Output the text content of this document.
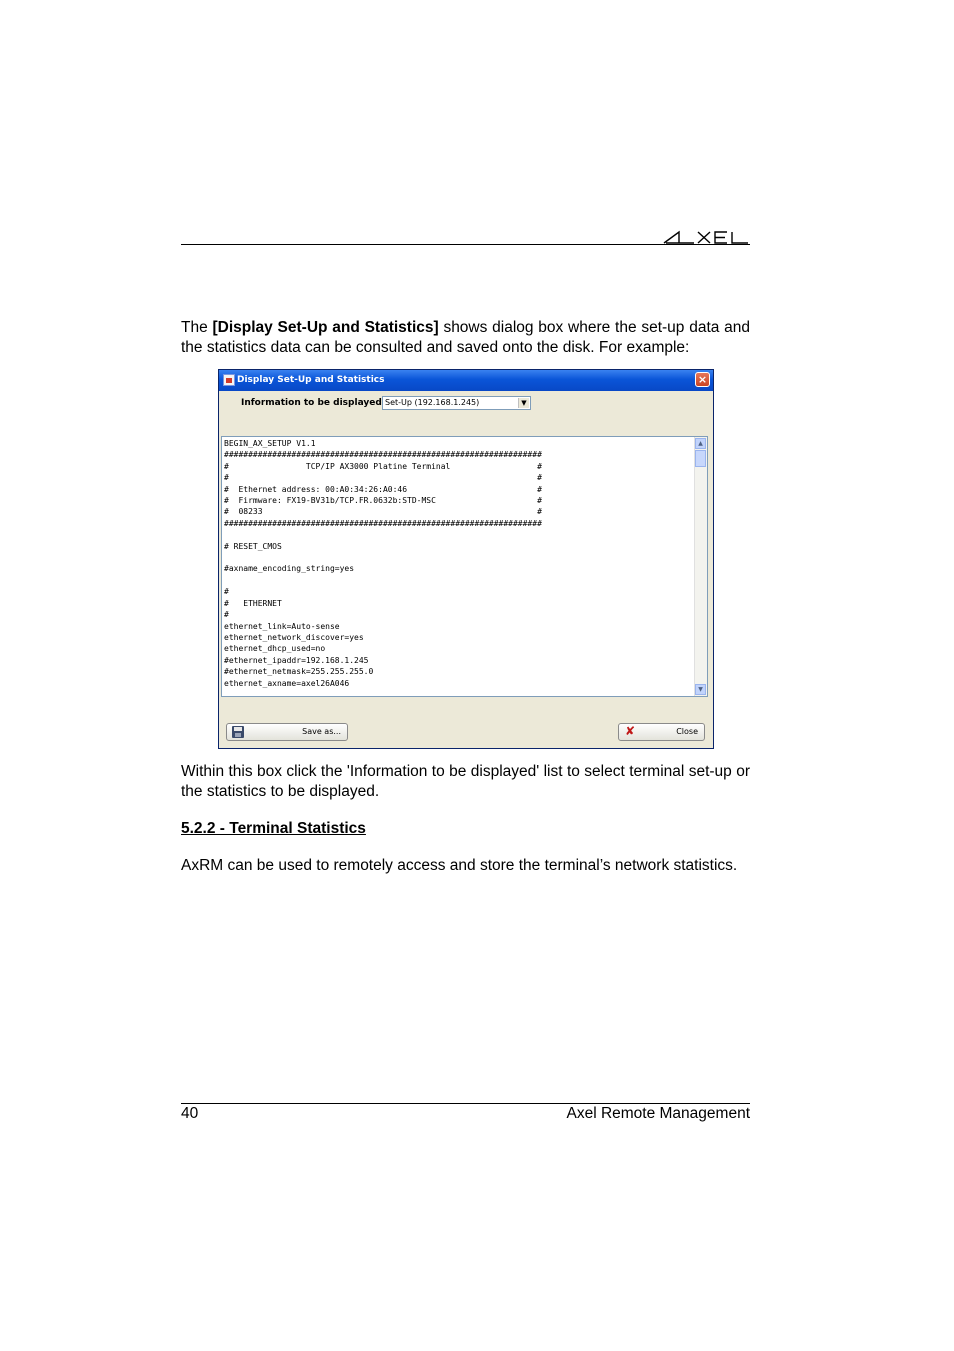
The [Display Set-Up and Statistics] shows dialog box where the set-up data and the statistics data can be consulted and saved onto the disk. For example:

Display Set-Up and Statistics	×
Information to be displayed Set-Up (192.168.1.245)	▼
BEGIN_AX_SETUP V1.1
##################################################################
#                TCP/IP AX3000 Platine Terminal                  #
#                                                                #
#  Ethernet address: 00:A0:34:26:A0:46                           #
#  Firmware: FX19-BV31b/TCP.FR.0632b:STD-MSC                     #
#  08233                                                         #
##################################################################

# RESET_CMOS

#axname_encoding_string=yes

#
#   ETHERNET
#
ethernet_link=Auto-sense
ethernet_network_discover=yes
ethernet_dhcp_used=no
#ethernet_ipaddr=192.168.1.245
#ethernet_netmask=255.255.255.0
ethernet_axname=axel26A046
▲
▼
Save as...	✘	Close

Within this box click the 'Information to be displayed' list to select terminal set-up or the statistics to be displayed.

5.2.2 - Terminal Statistics

AxRM can be used to remotely access and store the terminal’s network statistics.

40	Axel Remote Management
